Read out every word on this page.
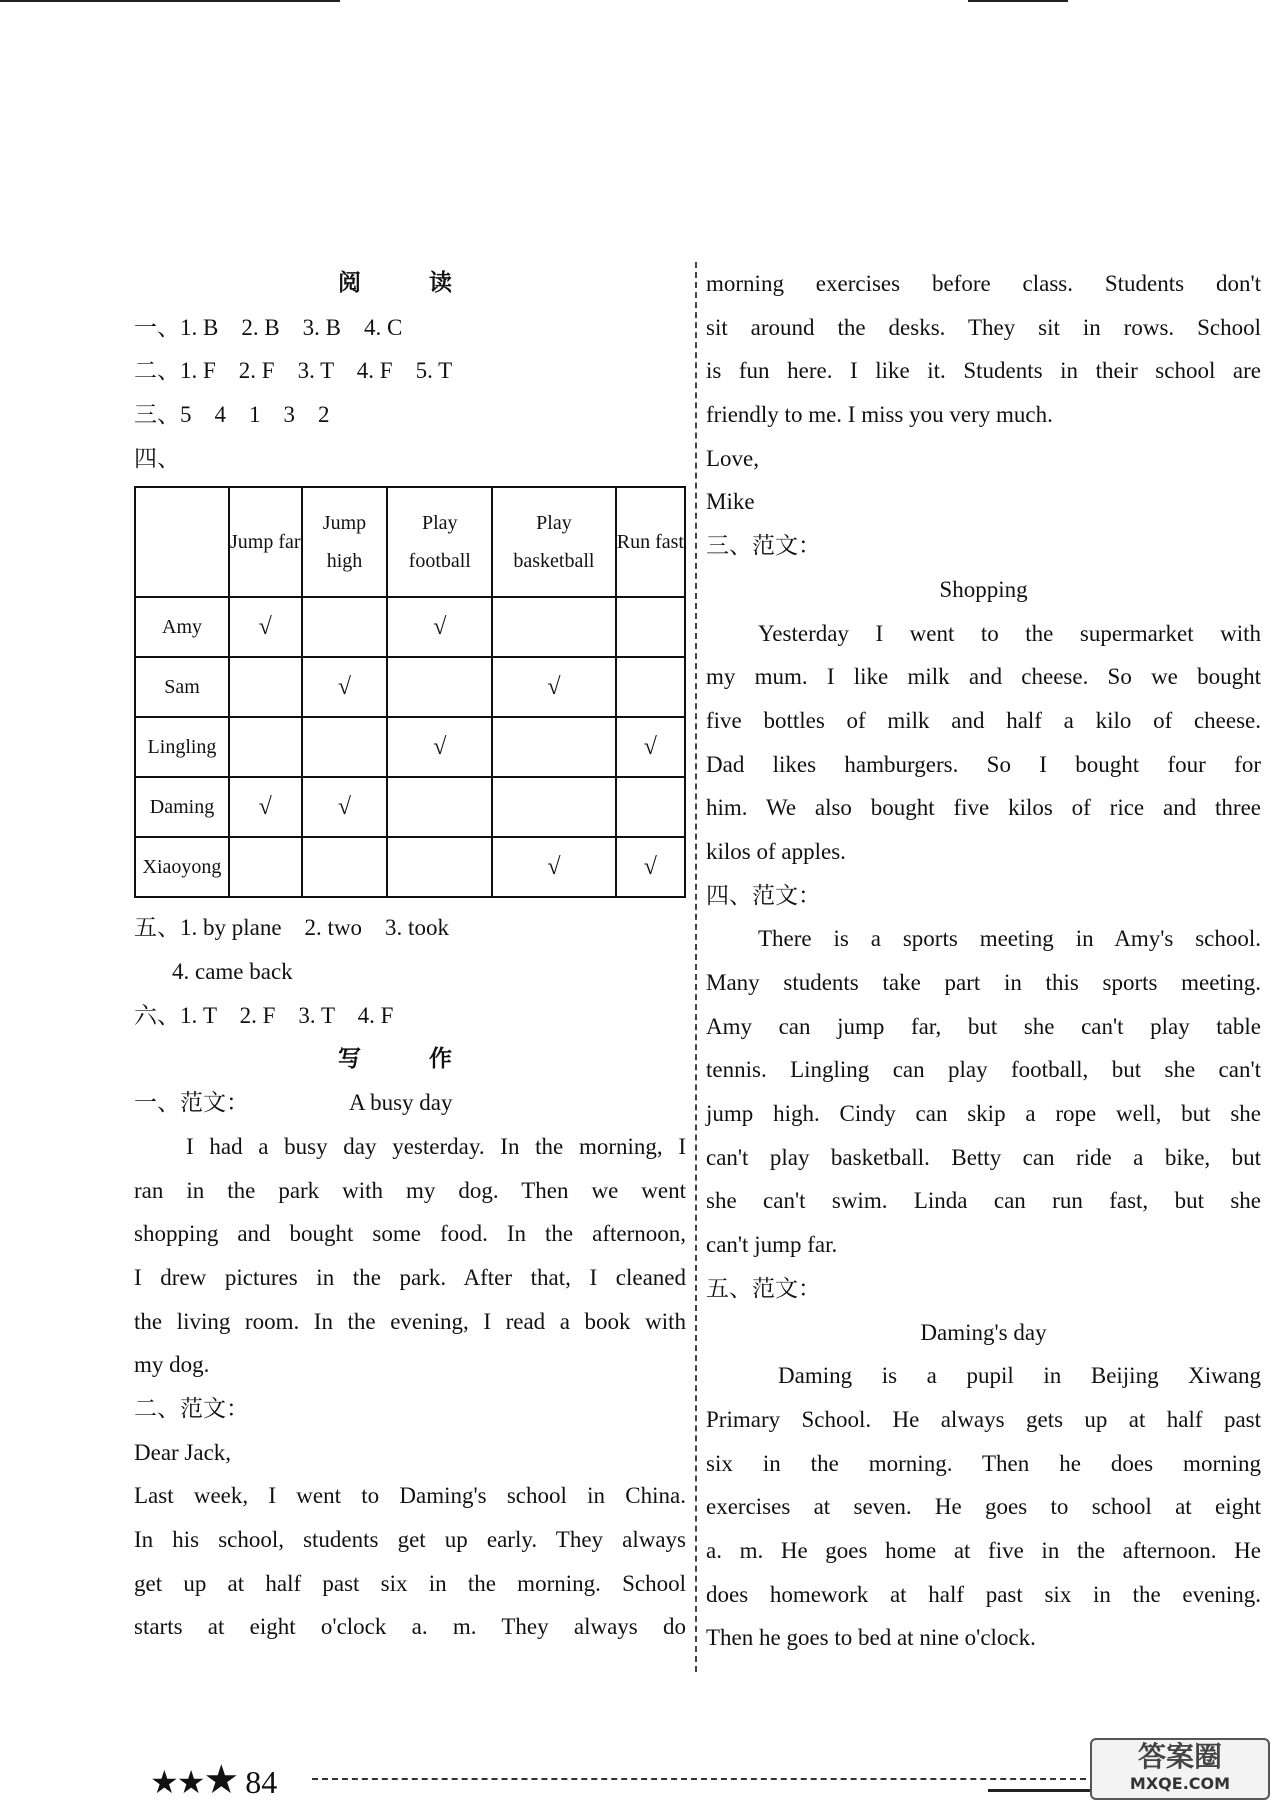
阅 读
一、1. B　2. B　3. B　4. C
二、1. F　2. F　3. T　4. F　5. T
三、5　4　1　3　2
四、
	Jump far	Jump high	Play football	Play basketball	Run fast
Amy	√		√		
Sam		√		√	
Lingling			√		√
Daming	√	√			
Xiaoyong				√	√
五、1. by plane　2. two　3. took
4. came back
六、1. T　2. F　3. T　4. F
写 作
一、范文：	A busy day
I had a busy day yesterday. In the morning, I
ran in the park with my dog. Then we went
shopping and bought some food. In the afternoon,
I drew pictures in the park. After that, I cleaned
the living room. In the evening, I read a book with
my dog.
二、范文：
Dear Jack,
Last week, I went to Daming's school in China.
In his school, students get up early. They always
get up at half past six in the morning. School
starts at eight o'clock a. m. They always do
morning exercises before class. Students don't
sit around the desks. They sit in rows. School
is fun here. I like it. Students in their school are
friendly to me. I miss you very much.
Love,
Mike
三、范文：
Shopping
Yesterday I went to the supermarket with
my mum. I like milk and cheese. So we bought
five bottles of milk and half a kilo of cheese.
Dad likes hamburgers. So I bought four for
him. We also bought five kilos of rice and three
kilos of apples.
四、范文：
There is a sports meeting in Amy's school.
Many students take part in this sports meeting.
Amy can jump far, but she can't play table
tennis. Lingling can play football, but she can't
jump high. Cindy can skip a rope well, but she
can't play basketball. Betty can ride a bike, but
she can't swim. Linda can run fast, but she
can't jump far.
五、范文：
Daming's day
Daming is a pupil in Beijing Xiwang
Primary School. He always gets up at half past
six in the morning. Then he does morning
exercises at seven. He goes to school at eight
a. m. He goes home at five in the afternoon. He
does homework at half past six in the evening.
Then he goes to bed at nine o'clock.
★★★ 84
答案圈
MXQE.COM
